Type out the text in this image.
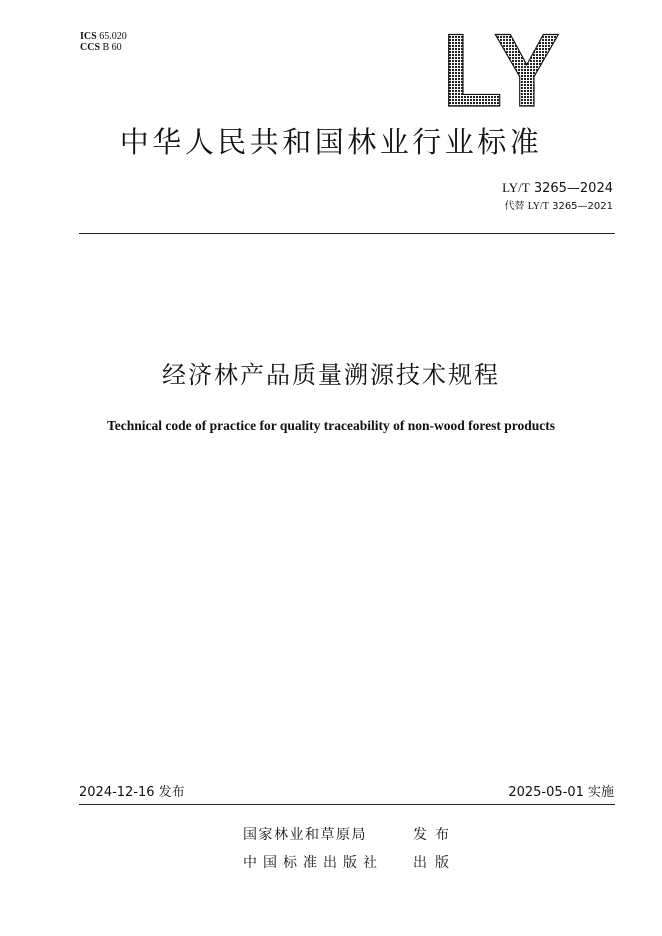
ICS 65.020
CCS B 60	LY
中华人民共和国林业行业标准
LY/T 3265—2024
代替 LY/T 3265—2021
经济林产品质量溯源技术规程
Technical code of practice for quality traceability of non-wood forest products
2024-12-16 发布	2025-05-01 实施
国家林业和草原局	发布
中国标准出版社 出版
